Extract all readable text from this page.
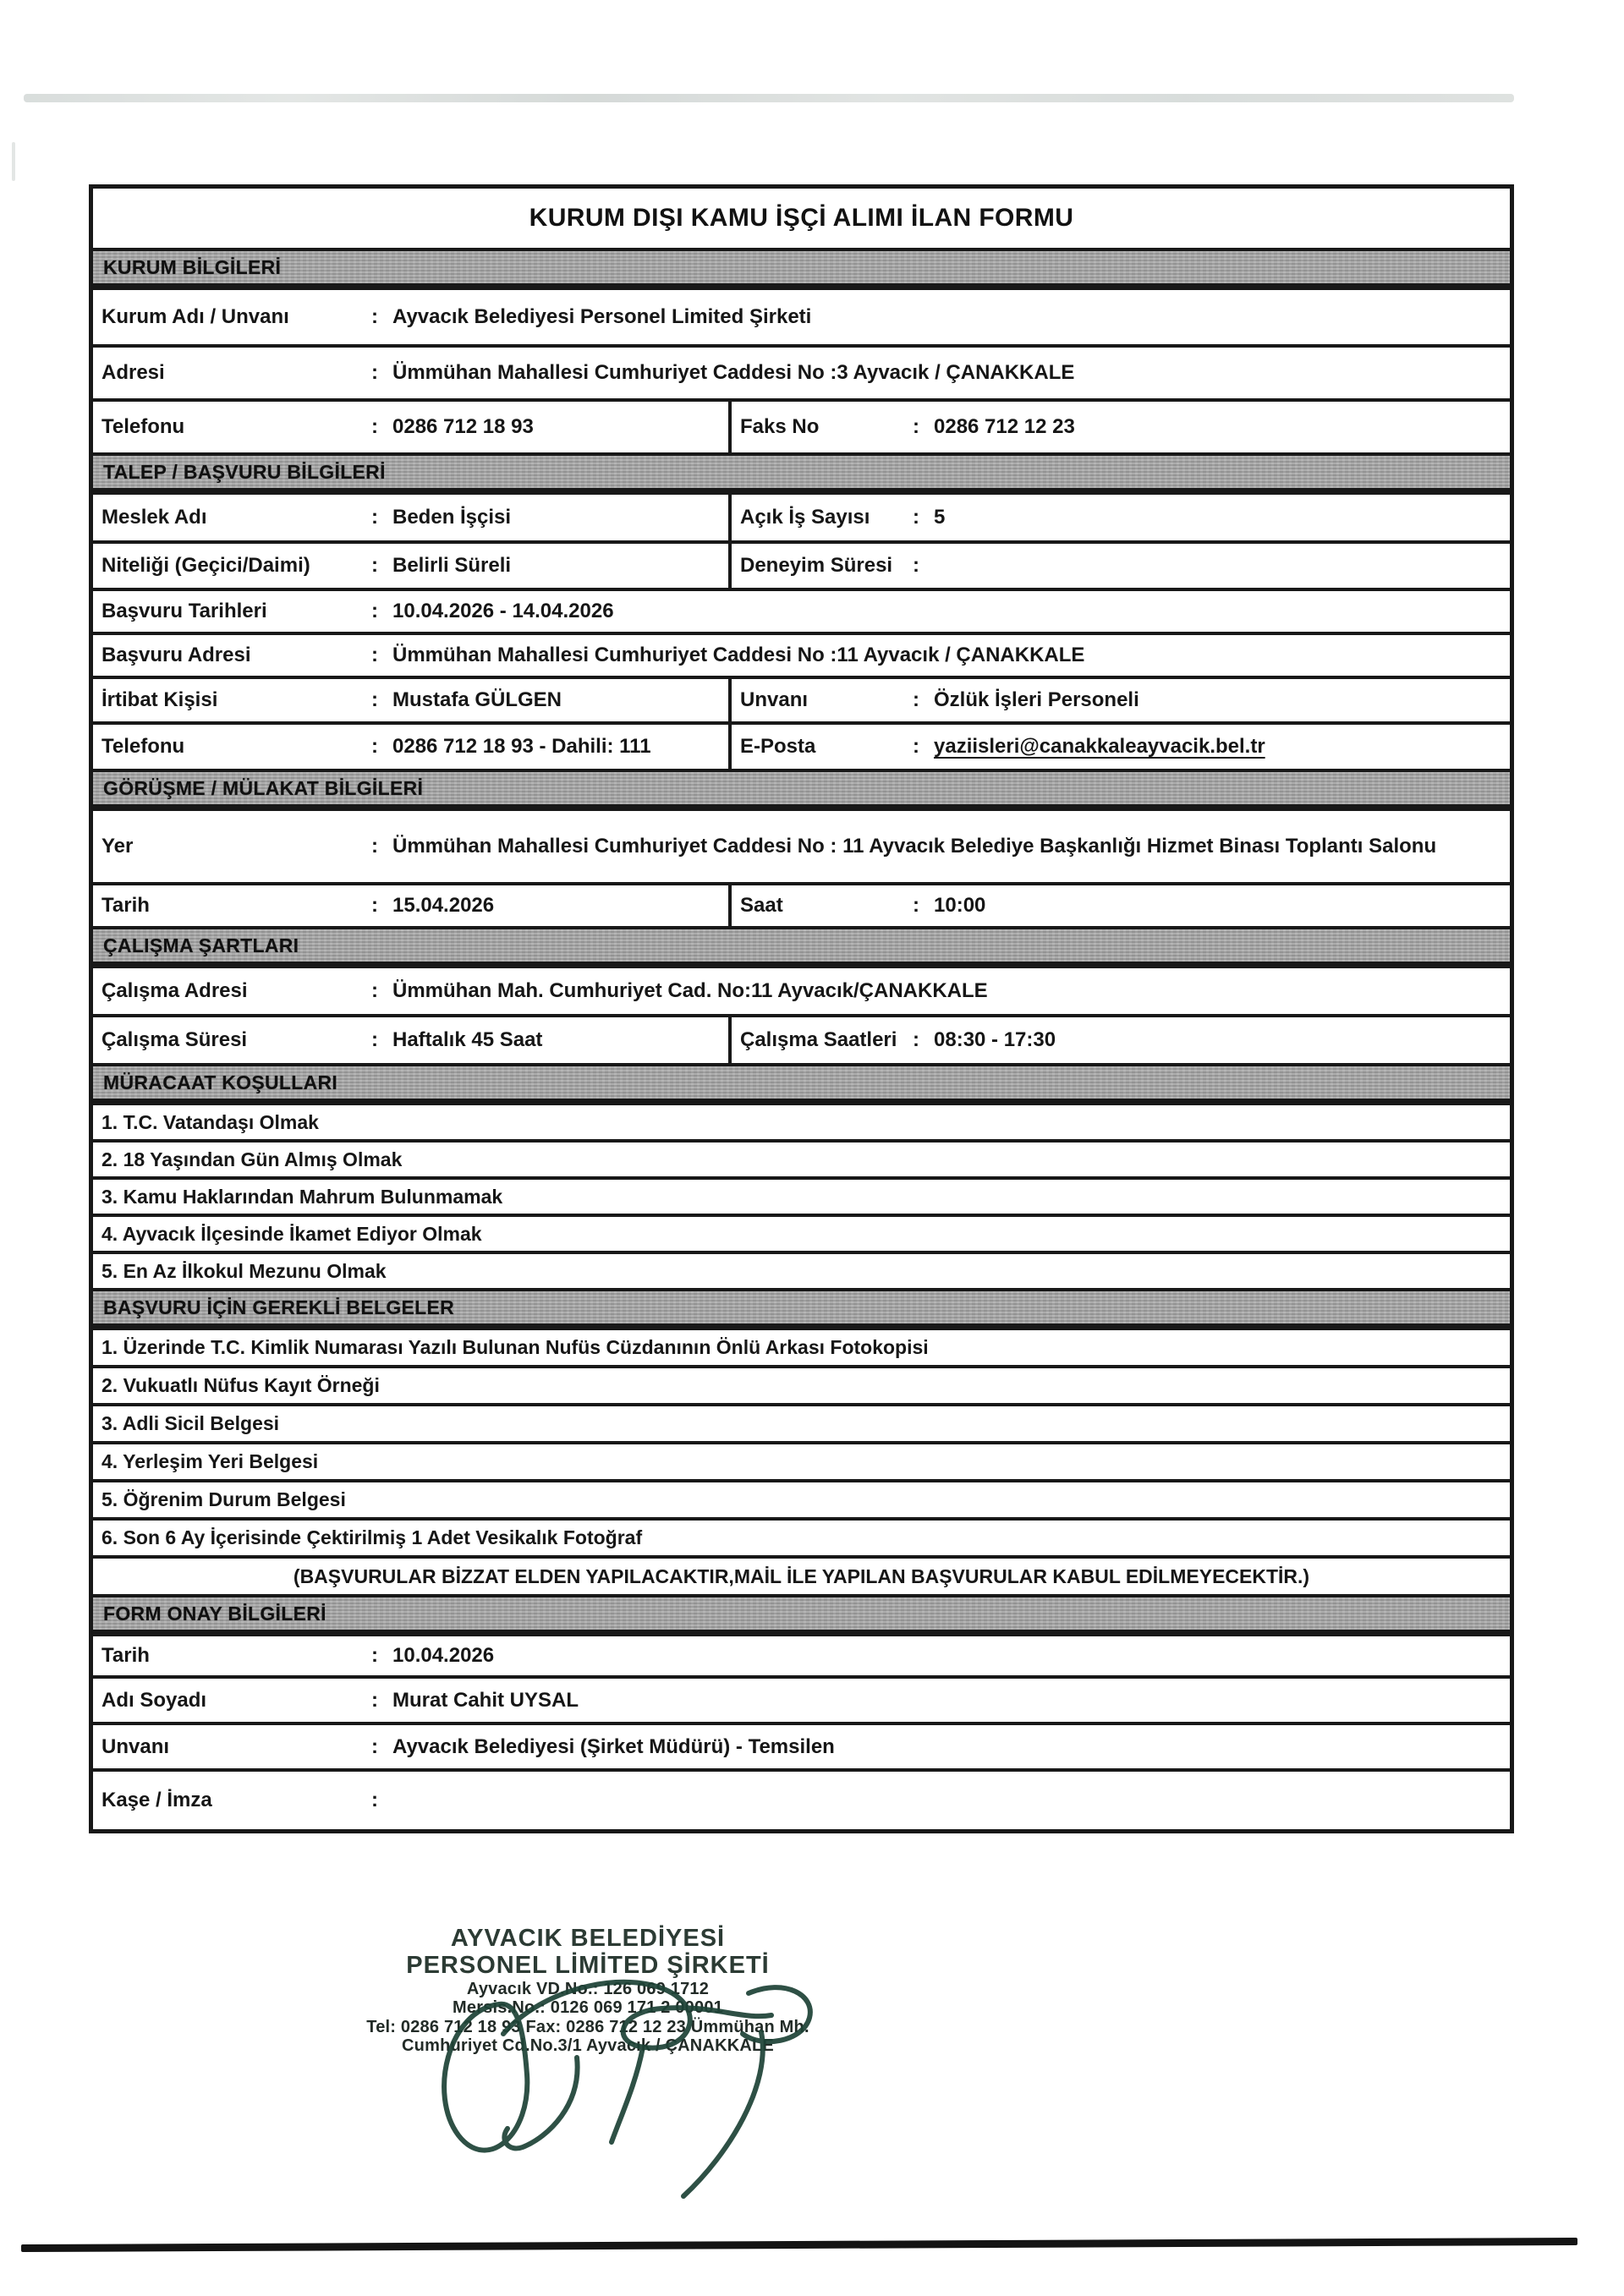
KURUM DIŞI KAMU İŞÇİ ALIMI İLAN FORMU
KURUM BİLGİLERİ
Kurum Adı / Unvanı	: Ayvacık Belediyesi Personel Limited Şirketi
Adresi	: Ümmühan Mahallesi Cumhuriyet Caddesi No :3 Ayvacık / ÇANAKKALE
Telefonu	: 0286 712 18 93	Faks No	: 0286 712 12 23
TALEP / BAŞVURU BİLGİLERİ
Meslek Adı	: Beden İşçisi	Açık İş Sayısı	: 5
Niteliği (Geçici/Daimi)	: Belirli Süreli	Deneyim Süresi :
Başvuru Tarihleri	: 10.04.2026 - 14.04.2026
Başvuru Adresi	: Ümmühan Mahallesi Cumhuriyet Caddesi No :11 Ayvacık / ÇANAKKALE
İrtibat Kişisi	: Mustafa GÜLGEN	Unvanı	: Özlük İşleri Personeli
Telefonu	: 0286 712 18 93 - Dahili: 111	E-Posta	: yaziisleri@canakkaleayvacik.bel.tr
GÖRÜŞME / MÜLAKAT BİLGİLERİ
Yer	: Ümmühan Mahallesi Cumhuriyet Caddesi No : 11 Ayvacık Belediye Başkanlığı Hizmet Binası Toplantı Salonu
Tarih	: 15.04.2026	Saat	: 10:00
ÇALIŞMA ŞARTLARI
Çalışma Adresi	: Ümmühan Mah. Cumhuriyet Cad. No:11 Ayvacık/ÇANAKKALE
Çalışma Süresi	: Haftalık 45 Saat	Çalışma Saatleri : 08:30 - 17:30
MÜRACAAT KOŞULLARI
1. T.C. Vatandaşı Olmak
2. 18 Yaşından Gün Almış Olmak
3. Kamu Haklarından Mahrum Bulunmamak
4. Ayvacık İlçesinde İkamet Ediyor Olmak
5. En Az İlkokul Mezunu Olmak
BAŞVURU İÇİN GEREKLİ BELGELER
1. Üzerinde T.C. Kimlik Numarası Yazılı Bulunan Nufüs Cüzdanının Önlü Arkası Fotokopisi
2. Vukuatlı Nüfus Kayıt Örneği
3. Adli Sicil Belgesi
4. Yerleşim Yeri Belgesi
5. Öğrenim Durum Belgesi
6. Son 6 Ay İçerisinde Çektirilmiş 1 Adet Vesikalık Fotoğraf
(BAŞVURULAR BİZZAT ELDEN YAPILACAKTIR,MAİL İLE YAPILAN BAŞVURULAR KABUL EDİLMEYECEKTİR.)
FORM ONAY BİLGİLERİ
Tarih	: 10.04.2026
Adı Soyadı	: Murat Cahit UYSAL
Unvanı	: Ayvacık Belediyesi (Şirket Müdürü) - Temsilen
Kaşe / İmza	:
AYVACIK BELEDİYESİ
PERSONEL LİMİTED ŞİRKETİ
Ayvacık VD.No.: 126 069 1712
Mersis.No.: 0126 069 171 2 00001
Tel: 0286 712 18 93 Fax: 0286 712 12 23 Ümmühan Mh.
Cumhuriyet Cd.No.3/1 Ayvacık / ÇANAKKALE
